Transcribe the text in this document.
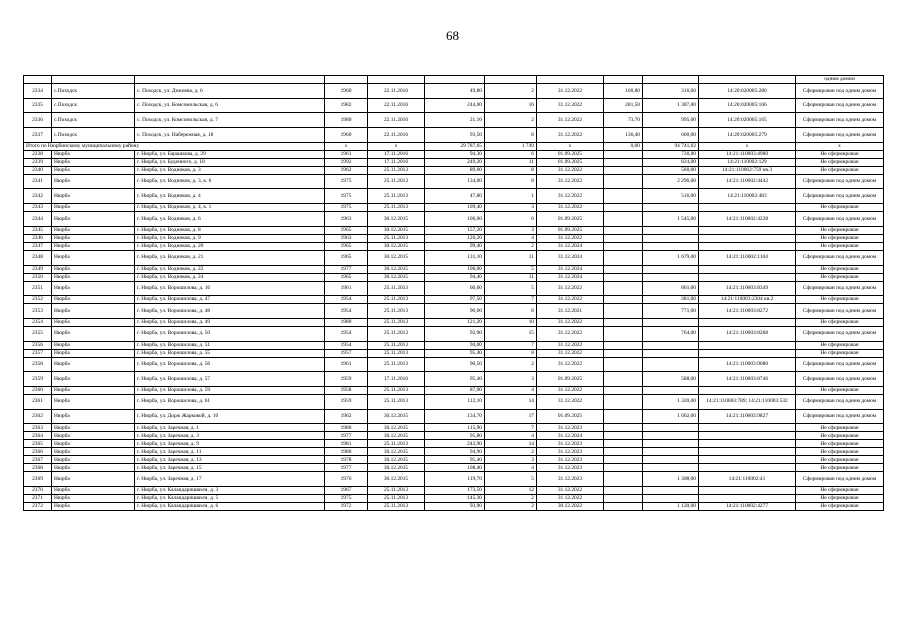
68
											одним домом
2334	с.Походск	с. Походск, ул. Дежнева, д. 6	1960	22.11.2016	49,80	2	31.12.2022	160,80	316,00	14:20:020005:280	Сформирован под одним домом
2335	с.Походск	с. Походск, ул. Комсомольская, д. 6	1982	22.11.2016	244,00	16	31.12.2022	281,50	1 387,00	14:20:020005:166	Сформирован под одним домом
2336	с.Походск	с. Походск, ул. Комсомольская, д. 7	1980	22.11.2016	21,10	2	31.12.2022	73,70	995,00	14:20:020005:165	Сформирован под одним домом
2337	с.Походск	с. Походск, ул. Набережная, д. 18	1960	22.11.2016	93,50	8	31.12.2022	136,40	600,00	14:20:020005:279	Сформирован под одним домом
Итого по Нюрбинскому муниципальному району			x	x	29 787,65	1 749	x	0,00	94 741,02	x	x
2338	Нюрба	г. Нюрба, ул. Барашкова, д. 29	1961	17.11.2016	94,30	6	01.09.2025		730,00	14:21:110003:4980	Не сформирован
2339	Нюрба	г. Нюрба, ул. Буденного, д. 18	1992	17.11.2016	249,20	11	01.09.2025		824,00	14:21:110002:129	Не сформирован
2340	Нюрба	г. Нюрба, ул. Водников, д. 3	1962	25.11.2013	89,60	8	31.12.2022		560,00	14:21:110002:759 кв.3	Не сформирован
2341	Нюрба	г. Нюрба, ул. Водников, д. 3, к. 6	1975	25.11.2013	134,00	8	31.12.2022		2 296,00	14:21:110002:4442	Сформирован под одним домом
2342	Нюрба	г. Нюрба, ул. Водников, д. 4	1975	25.11.2013	47,80	1	31.12.2022		516,00	14:21:110002:483	Сформирован под одним домом
2343	Нюрба	г. Нюрба, ул. Водников, д. 4, к. 1	1975	25.11.2013	109,40	3	31.12.2022				Не сформирован
2344	Нюрба	г. Нюрба, ул. Водников, д. 6	1963	30.12.2015	106,60	6	01.09.2025		1 545,00	14:21:110002:4228	Сформирован под одним домом
2345	Нюрба	г. Нюрба, ул. Водников, д. 8	1965	30.12.2015	157,20	3	01.09.2025				Не сформирован
2346	Нюрба	г. Нюрба, ул. Водников, д. 9	1963	25.11.2013	120,20	4	31.12.2022				Не сформирован
2347	Нюрба	г. Нюрба, ул. Водников, д. 20	1965	30.12.2015	99,40	2	31.12.2024				Не сформирован
2348	Нюрба	г. Нюрба, ул. Водников, д. 21	1965	30.12.2015	131,10	11	31.12.2024		1 679,00	14:21:110002:1104	Сформирован под одним домом
2349	Нюрба	г. Нюрба, ул. Водников, д. 22	1977	30.12.2015	106,60	5	31.12.2024				Не сформирован
2350	Нюрба	г. Нюрба, ул. Водников, д. 24	1965	30.12.2015	94,40	11	31.12.2024				Не сформирован
2351	Нюрба	г. Нюрба, ул. Ворошилова, д. 16	1961	25.11.2013	60,60	5	31.12.2022		861,00	14:21:110003:8349	Сформирован под одним домом
2352	Нюрба	г. Нюрба, ул. Ворошилова, д. 47	1954	25.11.2013	97,50	7	31.12.2022		381,00	14:21:110003:2304 кв.2	Не сформирован
2353	Нюрба	г. Нюрба, ул. Ворошилова, д. 48	1954	25.11.2013	90,00	8	31.12.2021		771,00	14:21:110003:8272	Сформирован под одним домом
2354	Нюрба	г. Нюрба, ул. Ворошилова, д. 49	1980	25.11.2013	121,20	10	31.12.2022				Не сформирован
2355	Нюрба	г. Нюрба, ул. Ворошилова, д. 50	1954	25.11.2013	92,90	15	31.12.2022		764,00	14:21:110003:8268	Сформирован под одним домом
2356	Нюрба	г. Нюрба, ул. Ворошилова, д. 51	1954	25.11.2013	94,00	7	31.12.2022				Не сформирован
2357	Нюрба	г. Нюрба, ул. Ворошилова, д. 55	1957	25.11.2013	95,40	8	31.12.2022				Не сформирован
2358	Нюрба	г. Нюрба, ул. Ворошилова, д. 56	1961	25.11.2013	90,50	2	31.12.2022			14:21:110003:9080	Сформирован под одним домом
2359	Нюрба	г. Нюрба, ул. Ворошилова, д. 57	1959	17.11.2016	95,40	3	01.09.2025		588,00	14:21:110003:8746	Сформирован под одним домом
2360	Нюрба	г. Нюрба, ул. Ворошилова, д. 59	1958	25.11.2013	87,00	4	31.12.2022				Не сформирован
2361	Нюрба	г. Нюрба, ул. Ворошилова, д. 61	1959	25.11.2013	112,10	14	31.12.2022		1 320,00	14:21:110003:789; 14:21:110003:532	Сформирован под одним домом
2362	Нюрба	г. Нюрба, ул. Дорж Жарковой, д. 10	1962	30.12.2015	134,70	17	01.09.2025		1 002,00	14:21:110003:9827	Сформирован под одним домом
2363	Нюрба	г. Нюрба, ул. Заречная, д. 1	1980	30.12.2015	115,90	7	31.12.2023				Не сформирован
2364	Нюрба	г. Нюрба, ул. Заречная, д. 3	1977	30.12.2015	95,80	4	31.12.2024				Не сформирован
2365	Нюрба	г. Нюрба, ул. Заречная, д. 9	1981	25.11.2013	243,90	14	31.12.2023				Не сформирован
2366	Нюрба	г. Нюрба, ул. Заречная, д. 11	1980	30.12.2015	94,90	2	31.12.2023				Не сформирован
2367	Нюрба	г. Нюрба, ул. Заречная, д. 13	1978	30.12.2015	95,40	3	31.12.2023				Не сформирован
2368	Нюрба	г. Нюрба, ул. Заречная, д. 15	1977	30.12.2015	108,40	4	31.12.2023				Не сформирован
2369	Нюрба	г. Нюрба, ул. Заречная, д. 17	1976	30.12.2015	119,70	5	31.12.2023		1 308,00	14:21:110002:41	Сформирован под одним домом
2370	Нюрба	г. Нюрба, ул. Каландаришвили, д. 3	1967	25.11.2013	173,50	12	31.12.2022				Не сформирован
2371	Нюрба	г. Нюрба, ул. Каландаришвили, д. 5	1975	25.11.2013	145,30	2	31.12.2022				Не сформирован
2372	Нюрба	г. Нюрба, ул. Каландаришвили, д. 6	1972	25.11.2013	93,90	2	30.12.2022		1 120,00	14:21:110002:4277	Не сформирован
